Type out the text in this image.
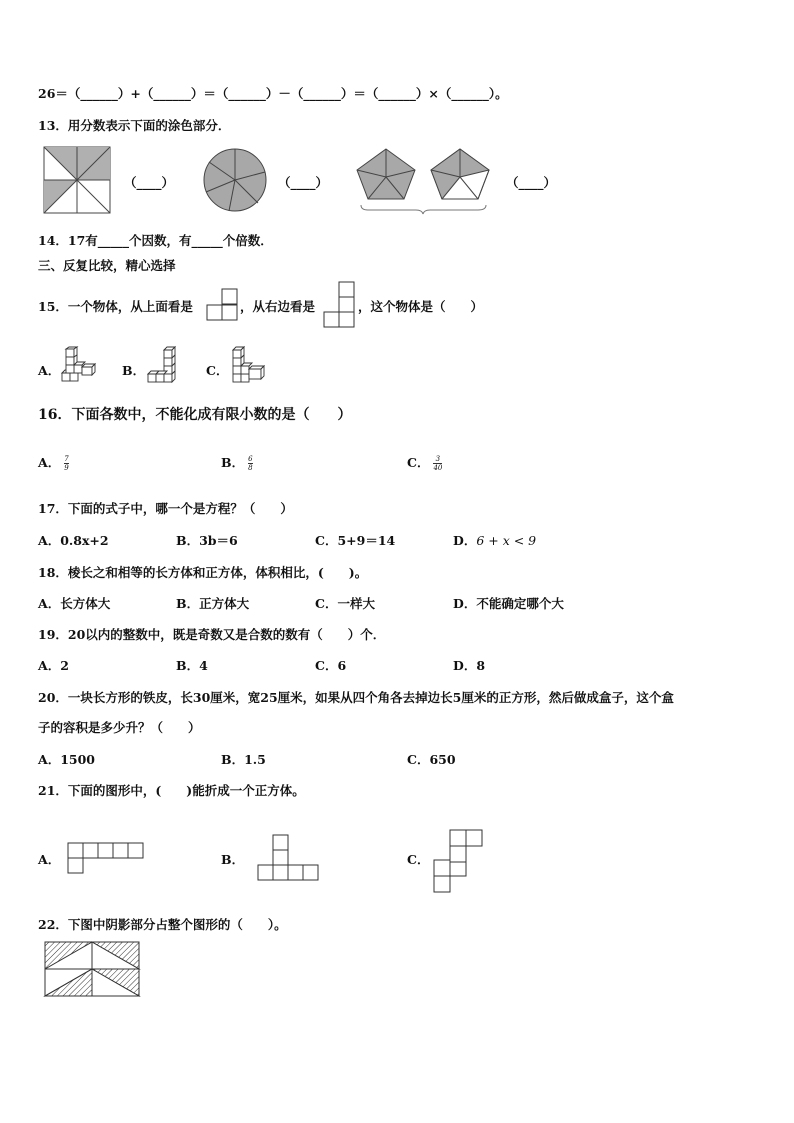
26＝（______）+（______）＝（______）－（______）＝（______）×（______）。
13．用分数表示下面的涂色部分．
（____）	（____）	（____）
14．17有_____个因数，有_____个倍数．
三、反复比较，精心选择
15．一个物体，从上面看是	，从右边看是	，这个物体是（　　）
A．	B．	C．
16．下面各数中，不能化成有限小数的是（　　）
A． $\frac{7}{9}$	B． $\frac{6}{8}$	C． $\frac{3}{40}$
17．下面的式子中，哪一个是方程？（　　）
A．0.8x+2	B．3b＝6	C．5+9＝14	D．6 + x < 9
18．棱长之和相等的长方体和正方体，体积相比，(　　)。
A．长方体大	B．正方体大	C．一样大	D．不能确定哪个大
19．20以内的整数中，既是奇数又是合数的数有（　　）个．
A．2	B．4	C．6	D．8
20．一块长方形的铁皮，长30厘米，宽25厘米，如果从四个角各去掉边长5厘米的正方形，然后做成盒子，这个盒
子的容积是多少升？（　　）
A．1500	B．1.5	C．650
21．下面的图形中，(　　)能折成一个正方体。
A．	B．	C．
22．下图中阴影部分占整个图形的（　　）。
